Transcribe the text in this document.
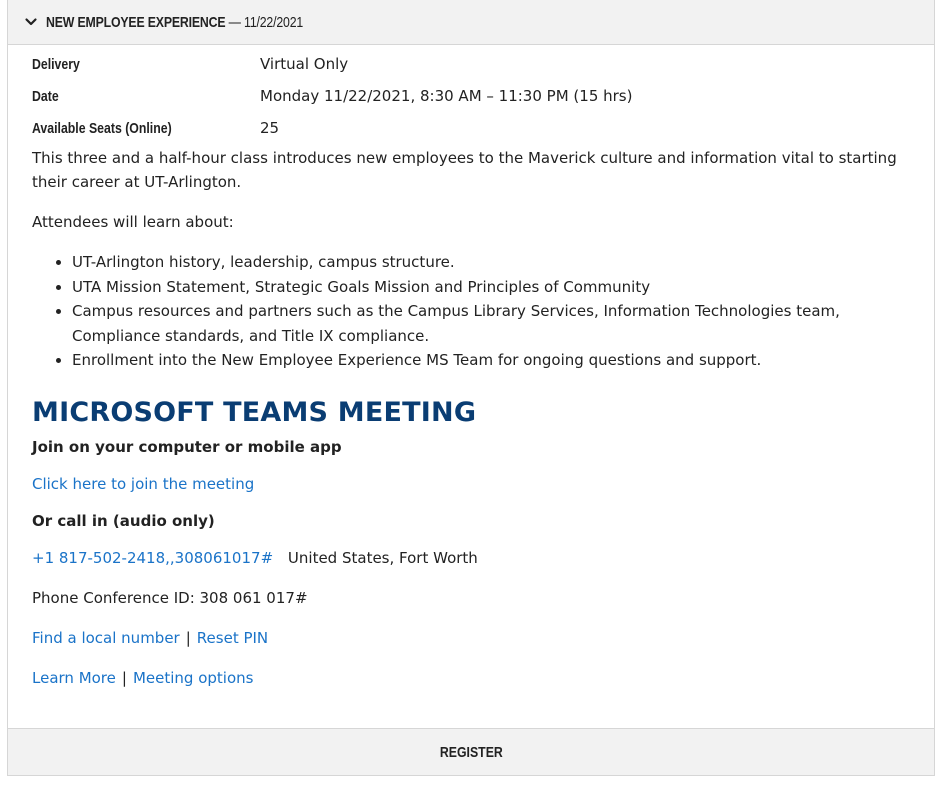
NEW EMPLOYEE EXPERIENCE — 11/22/2021
Delivery	Virtual Only
Date	Monday 11/22/2021, 8:30 AM – 11:30 PM (15 hrs)
Available Seats (Online)	25

This three and a half-hour class introduces new employees to the Maverick culture and information vital to starting their career at UT-Arlington.

Attendees will learn about:

• UT-Arlington history, leadership, campus structure.
• UTA Mission Statement, Strategic Goals Mission and Principles of Community
• Campus resources and partners such as the Campus Library Services, Information Technologies team, Compliance standards, and Title IX compliance.
• Enrollment into the New Employee Experience MS Team for ongoing questions and support.
MICROSOFT TEAMS MEETING
Join on your computer or mobile app
Click here to join the meeting
Or call in (audio only)
+1 817-502-2418,,308061017# United States, Fort Worth
Phone Conference ID: 308 061 017#
Find a local number | Reset PIN
Learn More | Meeting options
REGISTER
